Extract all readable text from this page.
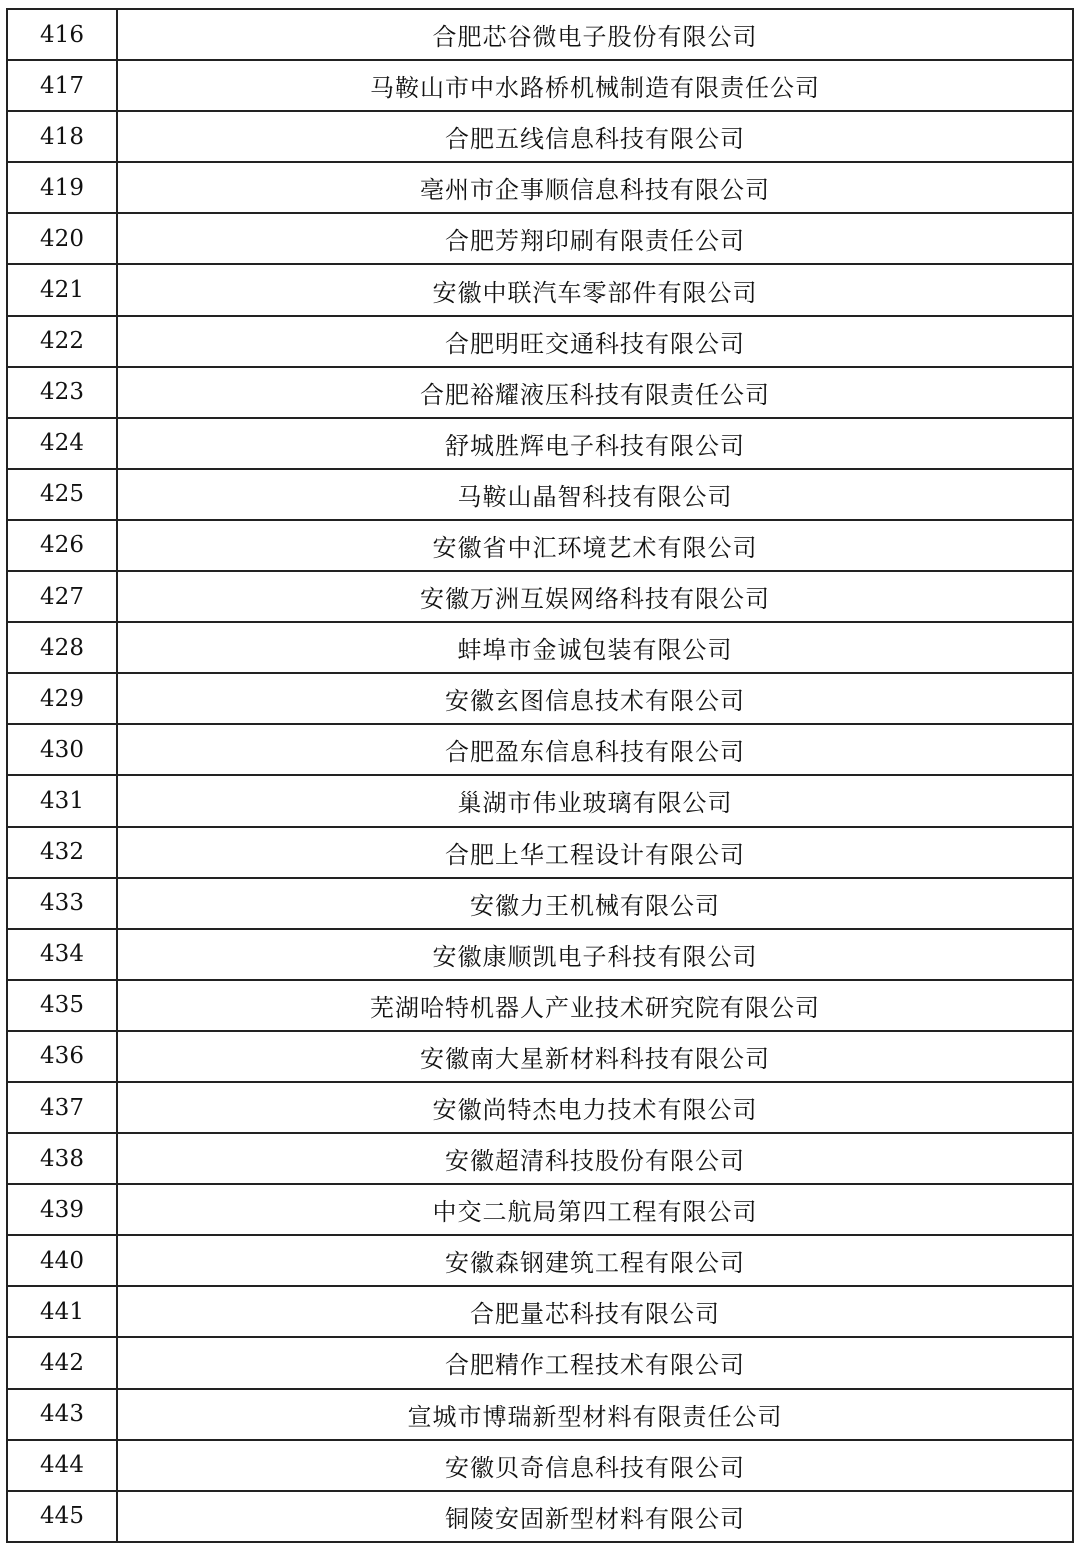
416	合肥芯谷微电子股份有限公司
417	马鞍山市中水路桥机械制造有限责任公司
418	合肥五线信息科技有限公司
419	亳州市企事顺信息科技有限公司
420	合肥芳翔印刷有限责任公司
421	安徽中联汽车零部件有限公司
422	合肥明旺交通科技有限公司
423	合肥裕耀液压科技有限责任公司
424	舒城胜辉电子科技有限公司
425	马鞍山晶智科技有限公司
426	安徽省中汇环境艺术有限公司
427	安徽万洲互娱网络科技有限公司
428	蚌埠市金诚包装有限公司
429	安徽玄图信息技术有限公司
430	合肥盈东信息科技有限公司
431	巢湖市伟业玻璃有限公司
432	合肥上华工程设计有限公司
433	安徽力王机械有限公司
434	安徽康顺凯电子科技有限公司
435	芜湖哈特机器人产业技术研究院有限公司
436	安徽南大星新材料科技有限公司
437	安徽尚特杰电力技术有限公司
438	安徽超清科技股份有限公司
439	中交二航局第四工程有限公司
440	安徽森钢建筑工程有限公司
441	合肥量芯科技有限公司
442	合肥精作工程技术有限公司
443	宣城市博瑞新型材料有限责任公司
444	安徽贝奇信息科技有限公司
445	铜陵安固新型材料有限公司
